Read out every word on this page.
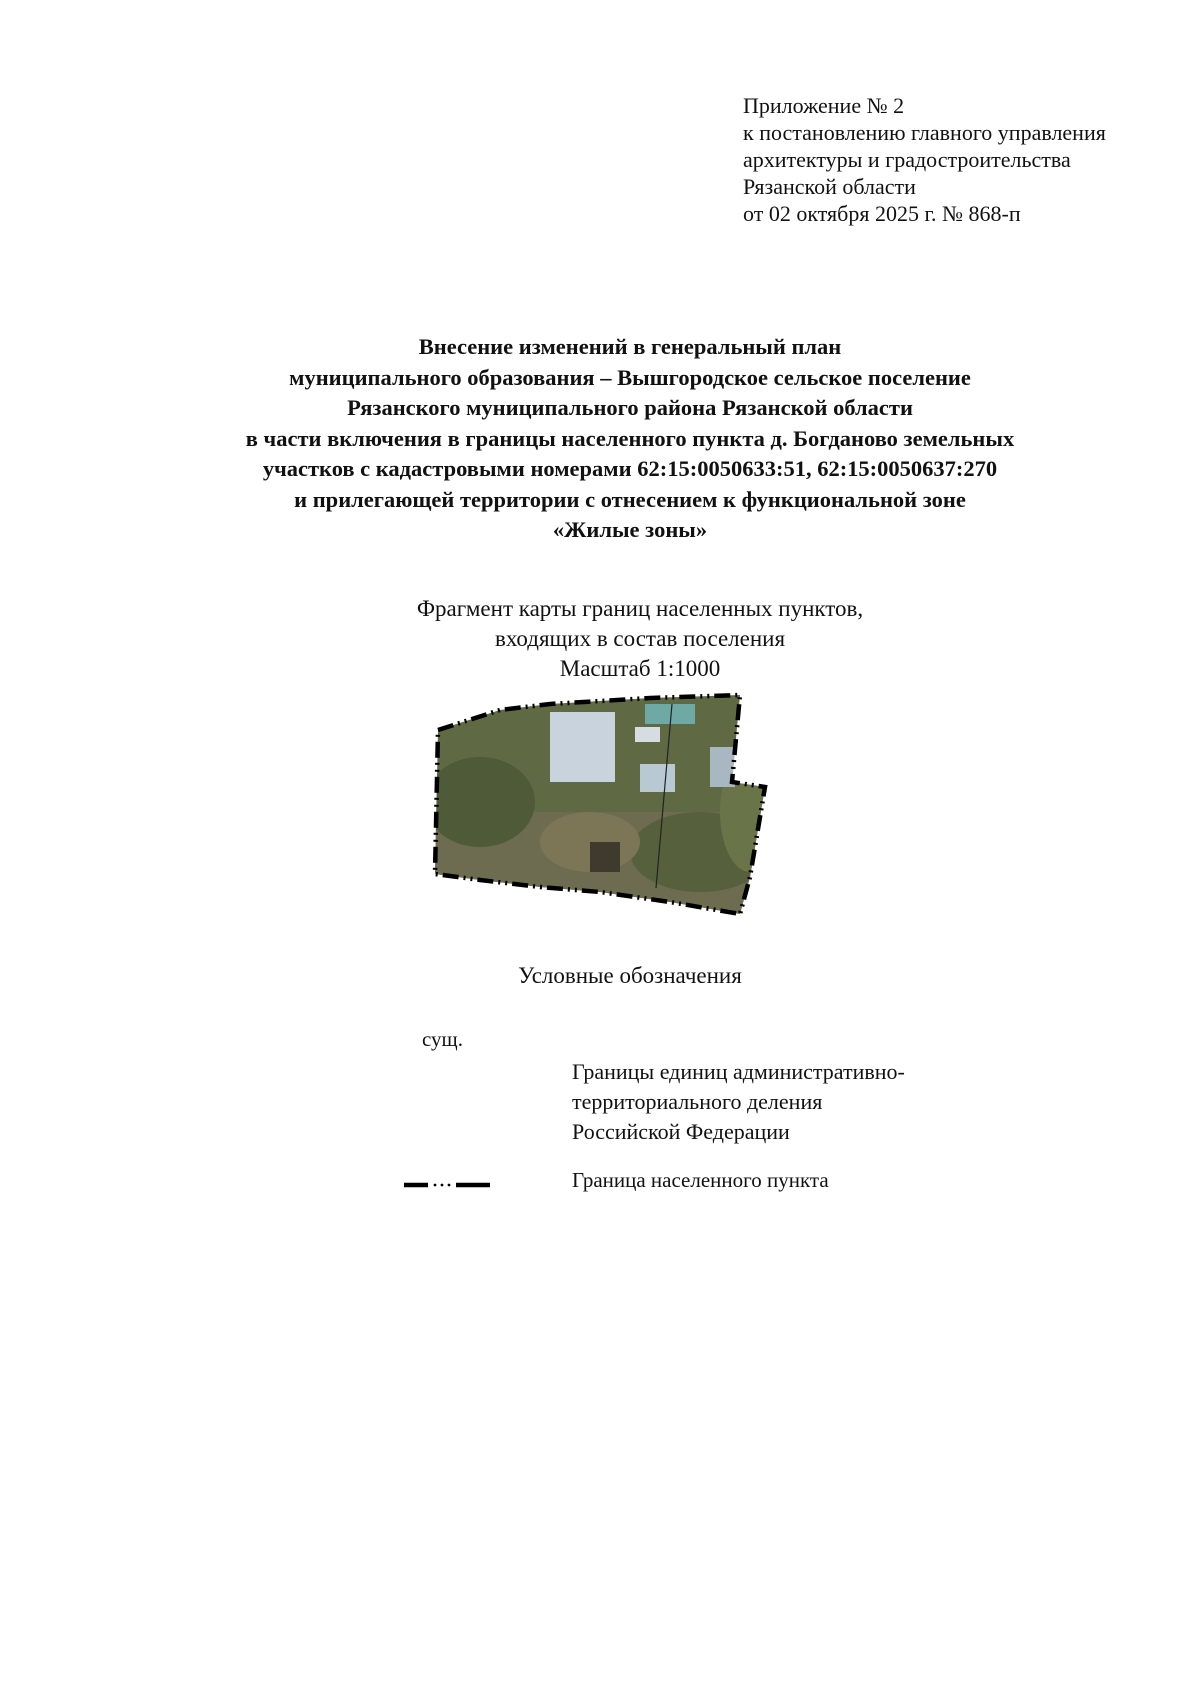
Приложение № 2
к постановлению главного управления
архитектуры и градостроительства
Рязанской области
от 02 октября 2025 г. № 868-п
Внесение изменений в генеральный план
муниципального образования – Вышгородское сельское поселение
Рязанского муниципального района Рязанской области
в части включения в границы населенного пункта д. Богданово земельных
участков с кадастровыми номерами 62:15:0050633:51, 62:15:0050637:270
и прилегающей территории с отнесением к функциональной зоне
«Жилые зоны»
Фрагмент карты границ населенных пунктов,
входящих в состав поселения
Масштаб 1:1000
Условные обозначения
сущ.
Границы единиц административно-
территориального деления
Российской Федерации
Граница населенного пункта
